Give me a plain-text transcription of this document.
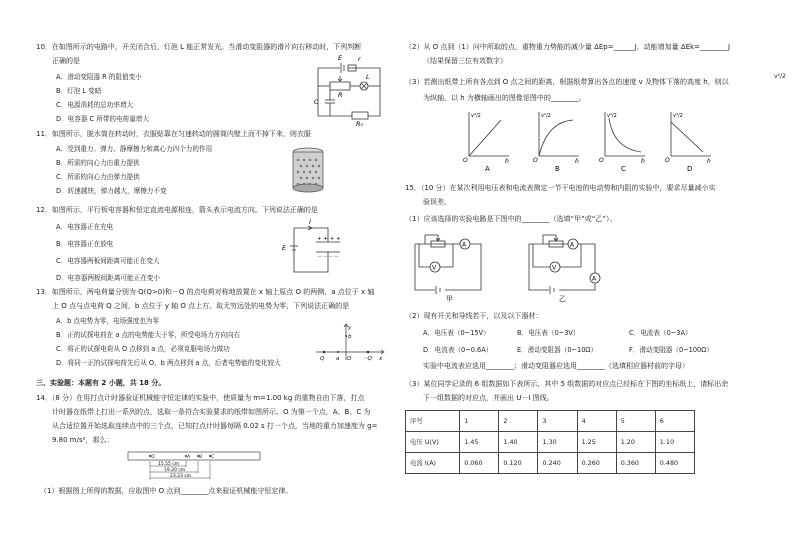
10．在如图所示的电路中，开关闭合后，灯泡 L 能正常发光。当滑动变阻器的滑片向右移动时，下列判断
正确的是
A．滑动变阻器 R 的阻值变小
B．灯泡 L 变暗
C．电源消耗的总功率增大
D．电容器 C 所带的电荷量增大
E r
L
R
C
R₀
11．如图所示，脱水筒在转动时，衣服贴靠在匀速转动的圆筒内壁上而不掉下来，则衣服
A．受到重力、弹力、静摩擦力和离心力四个力的作用
B．所需的向心力由重力提供
C．所需的向心力由弹力提供
D．转速越快，弹力越大，摩擦力不变
12．如图所示，平行板电容器和恒定直流电源相连，箭头表示电流方向。下列说法正确的是
A．电容器正在充电
B．电容器正在放电
C．电容器两板间距离可能正在变大
D．电容器两板间距离可能正在变小
E
I
+ + + +
－－－－
13．如图所示，两电荷量分别为 Q(Q>0)和－Q 的点电荷对称地放置在 x 轴上原点 O 的两侧，a 点位于 x 轴
上 O 点与点电荷 Q 之间，b 点位于 y 轴 O 点上方。取无穷远处的电势为零，下列说法正确的是
A．b 点电势为零，电场强度也为零
B．正的试探电荷在 a 点的电势能大于零，所受电场力方向向右
C．将正的试探电荷从 O 点移到 a 点，必须克服电场力做功
D．将同一正的试探电荷先后从 O、b 两点移到 a 点，后者电势能的变化较大
y
b
Q a O －Q x
三、实验题：本题有 2 小题，共 18 分。
14．（8 分）在用打点计时器验证机械能守恒定律的实验中，使质量为 m=1.00 kg 的重物自由下落，打点
计时器在纸带上打出一系列的点，选取一条符合实验要求的纸带如图所示。O 为第一个点，A、B、C 为
从合适位置开始选取连续点中的三个点，已知打点计时器每隔 0.02 s 打一个点，当地的重力加速度为 g=
9.80 m/s²，那么：
O	A B C
15.55 cm
19.20 cm
23.23 cm
（1）根据图上所得的数据，应取图中 O 点到________点来验证机械能守恒定律。
（2）从 O 点到（1）问中所取的点，重物重力势能的减少量 ΔEp=______J，动能增加量 ΔEk=________J
（结果保留三位有效数字）
（3）若测出纸带上所有各点到 O 点之间的距离，根据纸带算出各点的速度 v 及物体下落的高度 h，则以
v²/2
为纵轴，以 h 为横轴画出的图像是图中的________。
v²/2	v²/2	v²/2	v²/2
O	O	O	O
h	h	h	h
A	B	C	D
15．（10 分）在某次利用电压表和电流表测定一节干电池的电动势和内阻的实验中，要求尽量减小实
验误差。
（1）应该选择的实验电路是下图中的________（选填“甲”或“乙”）。
A
V
A
V
A
甲	乙
（2）现有开关和导线若干，以及以下器材：
A．电压表（0~15V）	B．电压表（0~3V）	C．电流表（0~3A）
D．电流表（0~0.6A）	E．滑动变阻器（0~10Ω）	F．滑动变阻器（0~100Ω）
实验中电流表应选用________；滑动变阻器应选用________（选填相应器材前的字母）
（3）某位同学记录的 6 组数据如下表所示，其中 5 组数据的对应点已经标在下图的坐标纸上，请标出余
下一组数据的对应点，并画出 U－I 图线。
序号	1	2	3	4	5	6
电压 U(V)	1.45	1.40	1.30	1.25	1.20	1.10
电流 I(A)	0.060	0.120	0.240	0.260	0.360	0.480
